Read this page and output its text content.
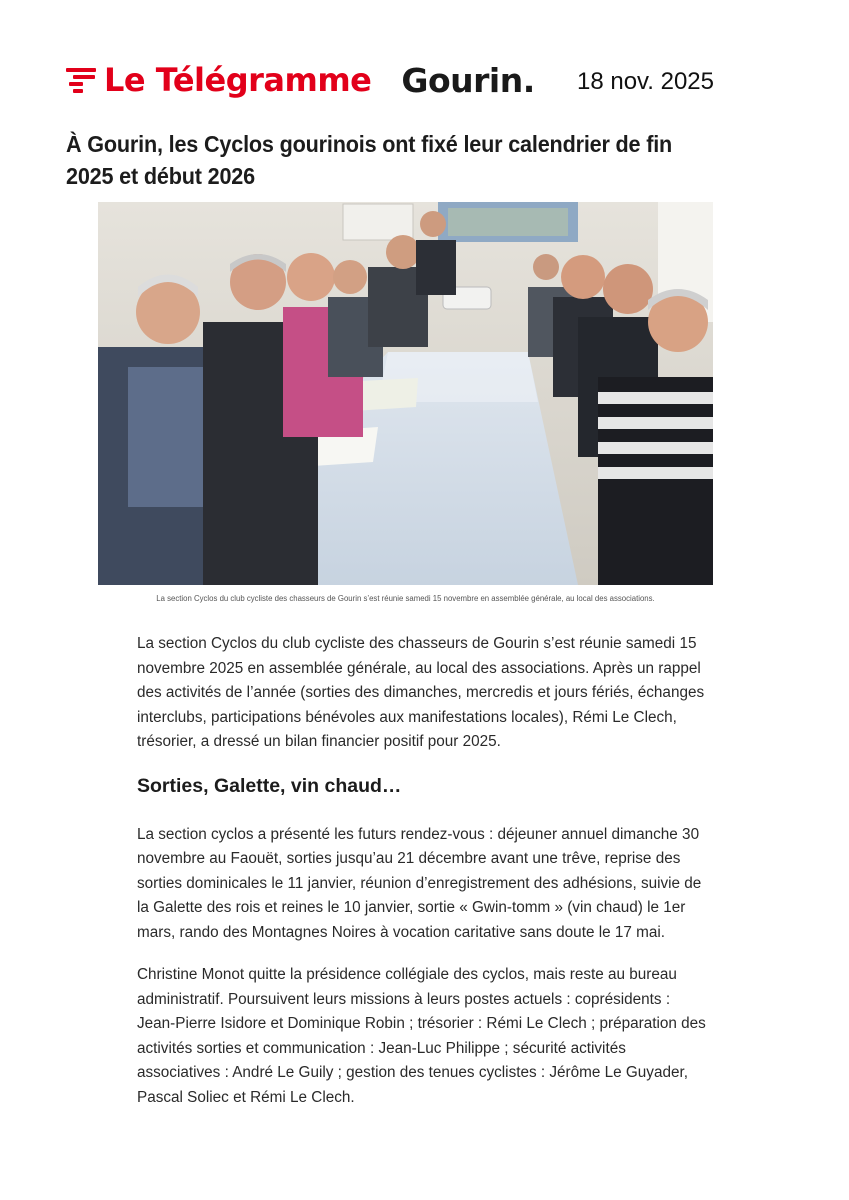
Le Télégramme Gourin. 18 nov. 2025
À Gourin, les Cyclos gourinois ont fixé leur calendrier de fin 2025 et début 2026
La section Cyclos du club cycliste des chasseurs de Gourin s’est réunie samedi 15 novembre en assemblée générale, au local des associations.

La section Cyclos du club cycliste des chasseurs de Gourin s’est réunie samedi 15 novembre 2025 en assemblée générale, au local des associations. Après un rappel des activités de l’année (sorties des dimanches, mercredis et jours fériés, échanges interclubs, participations bénévoles aux manifestations locales), Rémi Le Clech, trésorier, a dressé un bilan financier positif pour 2025.

Sorties, Galette, vin chaud…

La section cyclos a présenté les futurs rendez-vous : déjeuner annuel dimanche 30 novembre au Faouët, sorties jusqu’au 21 décembre avant une trêve, reprise des sorties dominicales le 11 janvier, réunion d’enregistrement des adhésions, suivie de la Galette des rois et reines le 10 janvier, sortie « Gwin-tomm » (vin chaud) le 1er mars, rando des Montagnes Noires à vocation caritative sans doute le 17 mai.

Christine Monot quitte la présidence collégiale des cyclos, mais reste au bureau administratif. Poursuivent leurs missions à leurs postes actuels : coprésidents : Jean-Pierre Isidore et Dominique Robin ; trésorier : Rémi Le Clech ; préparation des activités sorties et communication : Jean-Luc Philippe ; sécurité activités associatives : André Le Guily ; gestion des tenues cyclistes : Jérôme Le Guyader, Pascal Soliec et Rémi Le Clech.
